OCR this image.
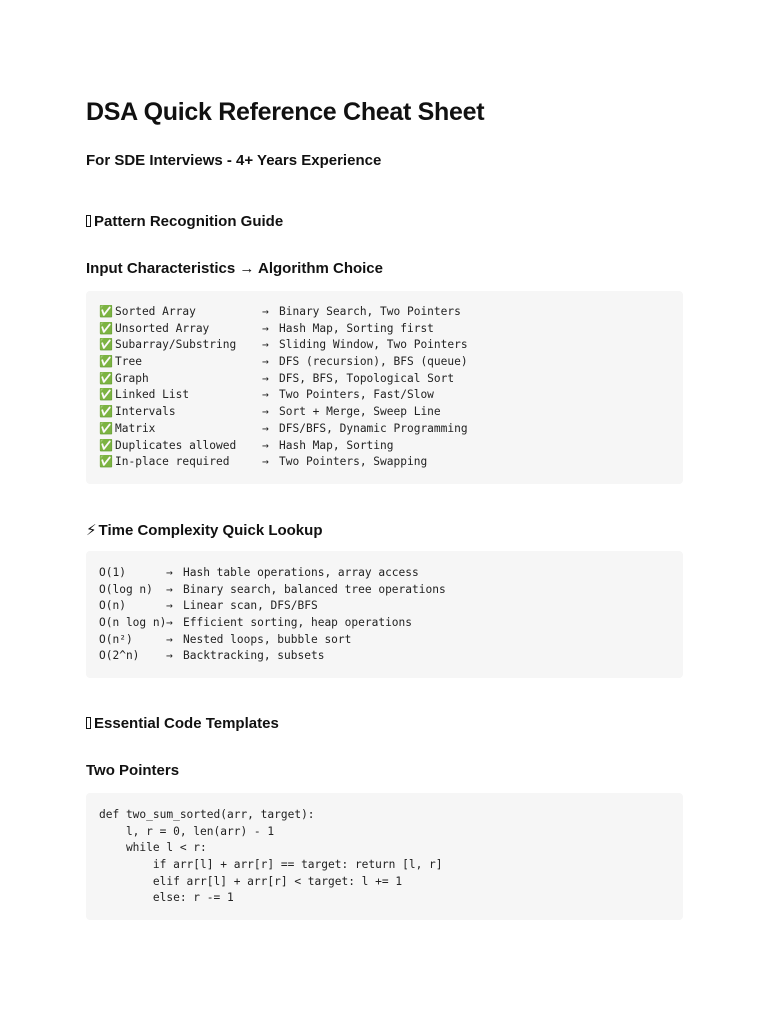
DSA Quick Reference Cheat Sheet
For SDE Interviews - 4+ Years Experience
Pattern Recognition Guide
Input Characteristics → Algorithm Choice
✅ Sorted Array	→ Binary Search, Two Pointers
✅ Unsorted Array	→ Hash Map, Sorting first
✅ Subarray/Substring → Sliding Window, Two Pointers
✅ Tree	→ DFS (recursion), BFS (queue)
✅ Graph	→ DFS, BFS, Topological Sort
✅ Linked List	→ Two Pointers, Fast/Slow
✅ Intervals	→ Sort + Merge, Sweep Line
✅ Matrix	→ DFS/BFS, Dynamic Programming
✅ Duplicates allowed → Hash Map, Sorting
✅ In-place required	→ Two Pointers, Swapping
⚡ Time Complexity Quick Lookup
O(1)	→ Hash table operations, array access
O(log n) → Binary search, balanced tree operations
O(n)	→ Linear scan, DFS/BFS
O(n log n)→ Efficient sorting, heap operations
O(n²)	→ Nested loops, bubble sort
O(2^n) → Backtracking, subsets
Essential Code Templates
Two Pointers
def two_sum_sorted(arr, target):
l, r = 0, len(arr) - 1
while l < r:
if arr[l] + arr[r] == target: return [l, r]
elif arr[l] + arr[r] < target: l += 1
else: r -= 1
